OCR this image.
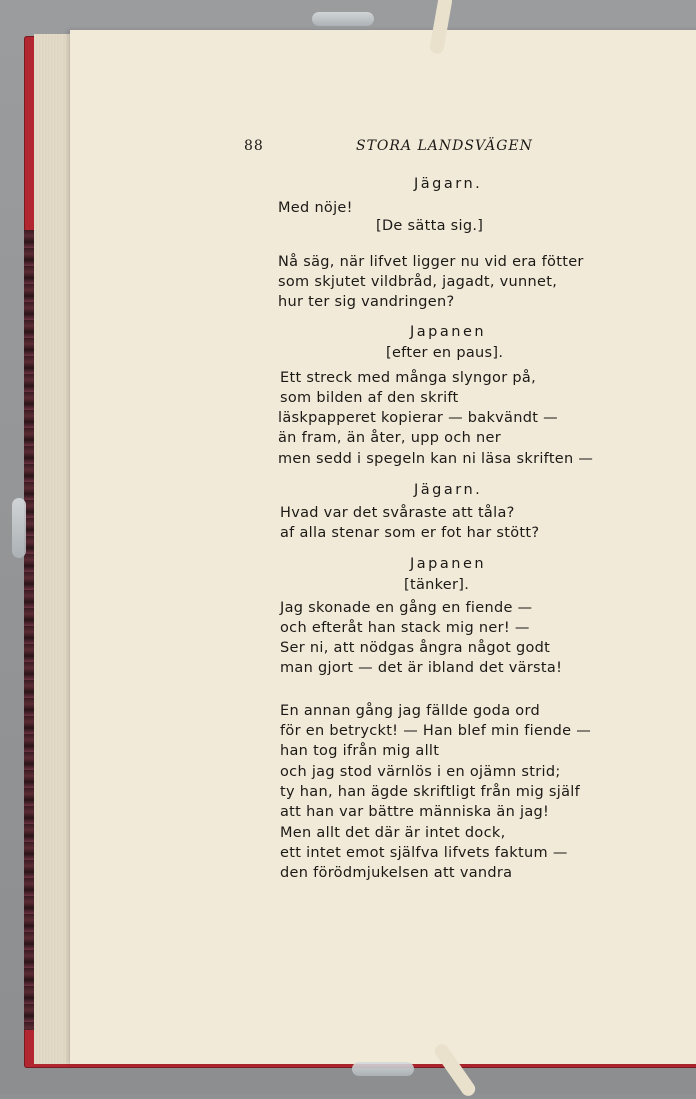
88	STORA LANDSVÄGEN
Jägarn.
Med nöje!
[De sätta sig.]
Nå säg, när lifvet ligger nu vid era fötter
som skjutet vildbråd, jagadt, vunnet,
hur ter sig vandringen?
Japanen
[efter en paus].
Ett streck med många slyngor på,
som bilden af den skrift
läskpapperet kopierar — bakvändt —
än fram, än åter, upp och ner
men sedd i spegeln kan ni läsa skriften —
Jägarn.
Hvad var det svåraste att tåla?
af alla stenar som er fot har stött?
Japanen
[tänker].
Jag skonade en gång en fiende —
och efteråt han stack mig ner! —
Ser ni, att nödgas ångra något godt
man gjort — det är ibland det värsta!
En annan gång jag fällde goda ord
för en betryckt! — Han blef min fiende —
han tog ifrån mig allt
och jag stod värnlös i en ojämn strid;
ty han, han ägde skriftligt från mig själf
att han var bättre människa än jag!
Men allt det där är intet dock,
ett intet emot själfva lifvets faktum —
den förödmjukelsen att vandra
